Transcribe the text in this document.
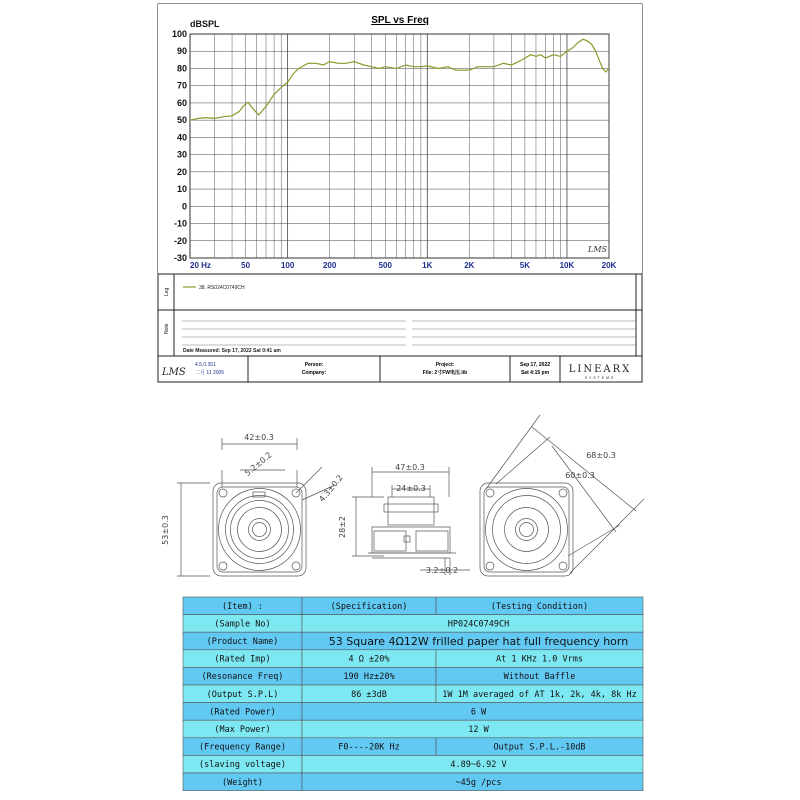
SPL vs Freq
dBSPL
100
90
80
70
60
50
40
30
20
10
0
-10
-20
-30
20 Hz	50	100	200	500	1K	2K	5K	10K	20K
LMS
Leg	38. RS024C0749CH
Note
Date Measured: Sep 17, 2022 Sat 0:41 am
LMS
4.5.0.351
二月 11 2005
Person:
Company:
Project:
File: 2寸FW电压.lib
Sep 17, 2022
Sat 4:15 pm LINEARX
SYSTEMS
42±0.3
53±0.3
5.2±0.2
4.3±0.2
47±0.3
24±0.3
28±2
3.2±0.2
68±0.3
60±0.3
(Item) :	(Specification)	(Testing Condition)
(Sample No)	HP024C0749CH
(Product Name)	53 Square 4Ω12W frilled paper hat full frequency horn
(Rated Imp)	4 Ω ±20%	At 1 KHz 1.0 Vrms
(Resonance Freq)	190 Hz±20%	Without Baffle
(Output S.P.L)	86 ±3dB	1W 1M averaged of AT 1k, 2k, 4k, 8k Hz
(Rated Power)	6 W
(Max Power)	12 W
(Frequency Range)	F0----20K Hz	Output S.P.L.-10dB
(slaving voltage)	4.89~6.92 V
(Weight)	~45g /pcs
